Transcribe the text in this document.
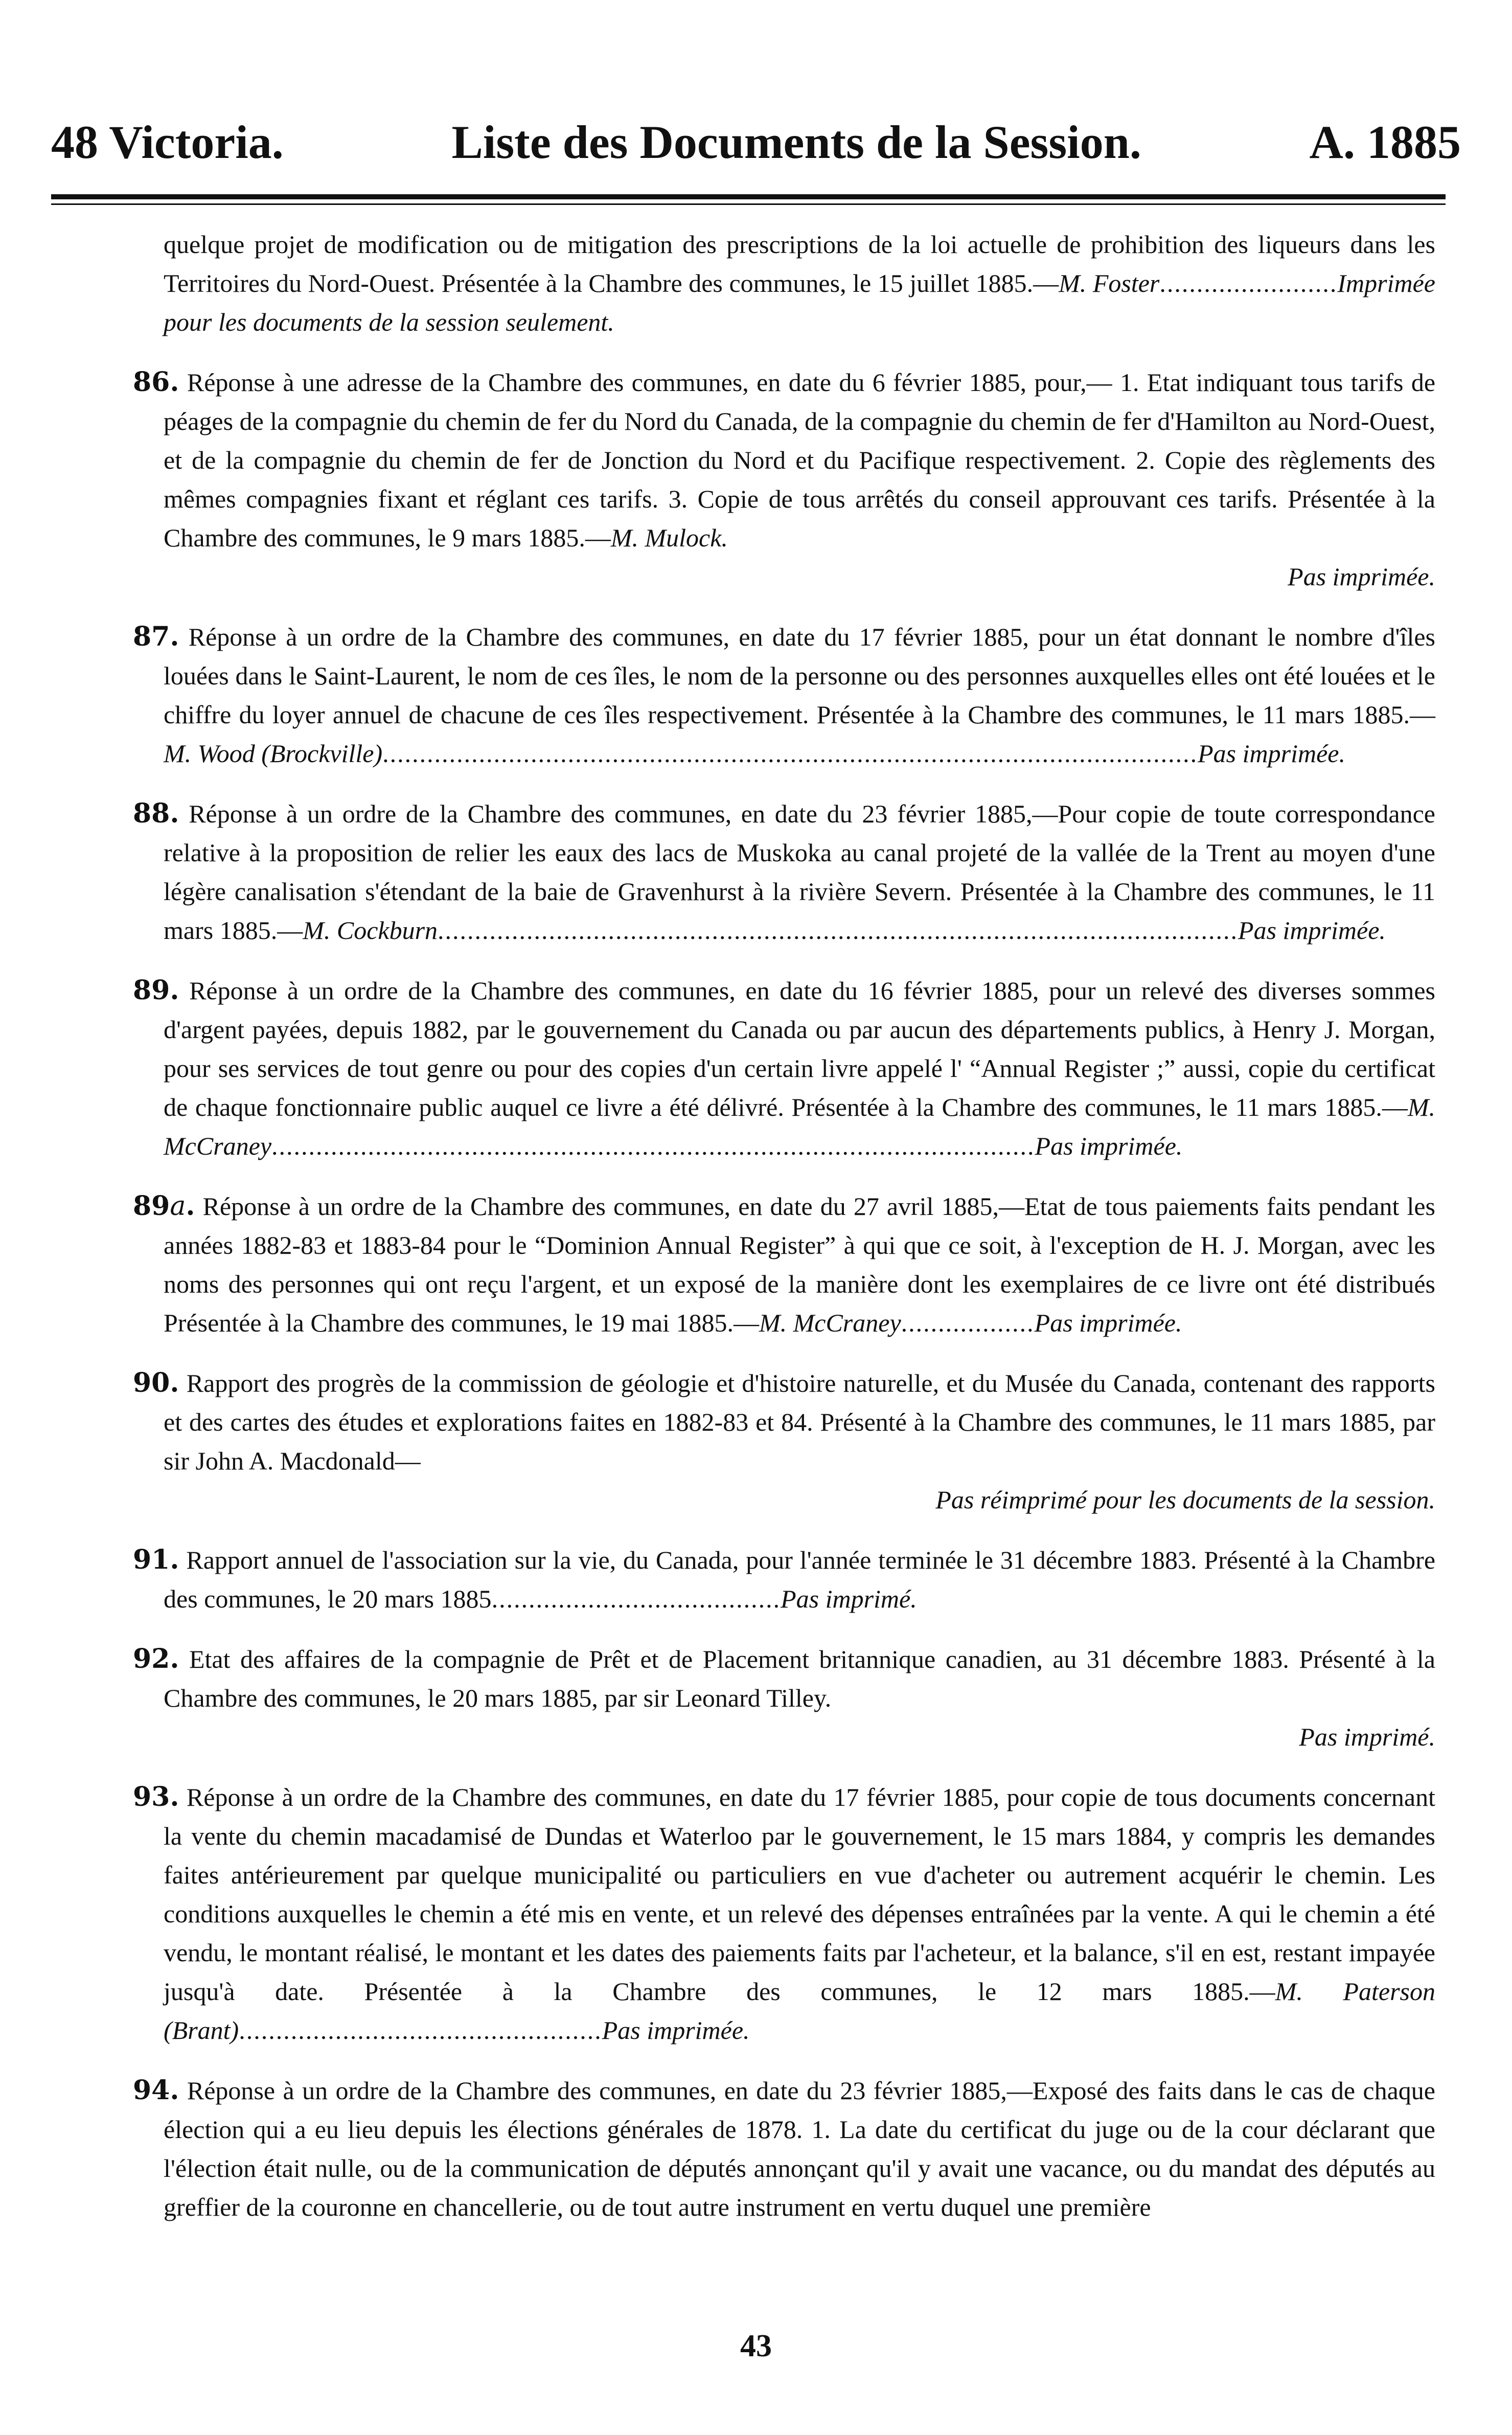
48 Victoria.	Liste des Documents de la Session.	A. 1885

quelque projet de modification ou de mitigation des prescriptions de la loi actuelle de prohibition des liqueurs dans les Territoires du Nord-Ouest. Présentée à la Chambre des communes, le 15 juillet 1885.—M. Foster........................Imprimée pour les documents de la session seulement.

86. Réponse à une adresse de la Chambre des communes, en date du 6 février 1885, pour,— 1. Etat indiquant tous tarifs de péages de la compagnie du chemin de fer du Nord du Canada, de la compagnie du chemin de fer d'Hamilton au Nord-Ouest, et de la compagnie du chemin de fer de Jonction du Nord et du Pacifique respectivement. 2. Copie des règlements des mêmes compagnies fixant et réglant ces tarifs. 3. Copie de tous arrêtés du conseil approuvant ces tarifs. Présentée à la Chambre des communes, le 9 mars 1885.—M. Mulock.
Pas imprimée.

87. Réponse à un ordre de la Chambre des communes, en date du 17 février 1885, pour un état donnant le nombre d'îles louées dans le Saint-Laurent, le nom de ces îles, le nom de la personne ou des personnes auxquelles elles ont été louées et le chiffre du loyer annuel de chacune de ces îles respectivement. Présentée à la Chambre des communes, le 11 mars 1885.—M. Wood (Brockville)..............................................................................................................Pas imprimée.

88. Réponse à un ordre de la Chambre des communes, en date du 23 février 1885,—Pour copie de toute correspondance relative à la proposition de relier les eaux des lacs de Muskoka au canal projeté de la vallée de la Trent au moyen d'une légère canalisation s'étendant de la baie de Gravenhurst à la rivière Severn. Présentée à la Chambre des communes, le 11 mars 1885.—M. Cockburn............................................................................................................Pas imprimée.

89. Réponse à un ordre de la Chambre des communes, en date du 16 février 1885, pour un relevé des diverses sommes d'argent payées, depuis 1882, par le gouvernement du Canada ou par aucun des départements publics, à Henry J. Morgan, pour ses services de tout genre ou pour des copies d'un certain livre appelé l' “Annual Register ;” aussi, copie du certificat de chaque fonctionnaire public auquel ce livre a été délivré. Présentée à la Chambre des communes, le 11 mars 1885.—M. McCraney.......................................................................................................Pas imprimée.

89a. Réponse à un ordre de la Chambre des communes, en date du 27 avril 1885,—Etat de tous paiements faits pendant les années 1882-83 et 1883-84 pour le “Dominion Annual Register” à qui que ce soit, à l'exception de H. J. Morgan, avec les noms des personnes qui ont reçu l'argent, et un exposé de la manière dont les exemplaires de ce livre ont été distribués Présentée à la Chambre des communes, le 19 mai 1885.—M. McCraney..................Pas imprimée.

90. Rapport des progrès de la commission de géologie et d'histoire naturelle, et du Musée du Canada, contenant des rapports et des cartes des études et explorations faites en 1882-83 et 84. Présenté à la Chambre des communes, le 11 mars 1885, par sir John A. Macdonald—
Pas réimprimé pour les documents de la session.

91. Rapport annuel de l'association sur la vie, du Canada, pour l'année terminée le 31 décembre 1883. Présenté à la Chambre des communes, le 20 mars 1885.......................................Pas imprimé.

92. Etat des affaires de la compagnie de Prêt et de Placement britannique canadien, au 31 décembre 1883. Présenté à la Chambre des communes, le 20 mars 1885, par sir Leonard Tilley.
Pas imprimé.

93. Réponse à un ordre de la Chambre des communes, en date du 17 février 1885, pour copie de tous documents concernant la vente du chemin macadamisé de Dundas et Waterloo par le gouvernement, le 15 mars 1884, y compris les demandes faites antérieurement par quelque municipalité ou particuliers en vue d'acheter ou autrement acquérir le chemin. Les conditions auxquelles le chemin a été mis en vente, et un relevé des dépenses entraînées par la vente. A qui le chemin a été vendu, le montant réalisé, le montant et les dates des paiements faits par l'acheteur, et la balance, s'il en est, restant impayée jusqu'à date. Présentée à la Chambre des communes, le 12 mars 1885.—M. Paterson (Brant).................................................Pas imprimée.

94. Réponse à un ordre de la Chambre des communes, en date du 23 février 1885,—Exposé des faits dans le cas de chaque élection qui a eu lieu depuis les élections générales de 1878. 1. La date du certificat du juge ou de la cour déclarant que l'élection était nulle, ou de la communication de députés annonçant qu'il y avait une vacance, ou du mandat des députés au greffier de la couronne en chancellerie, ou de tout autre instrument en vertu duquel une première

43
